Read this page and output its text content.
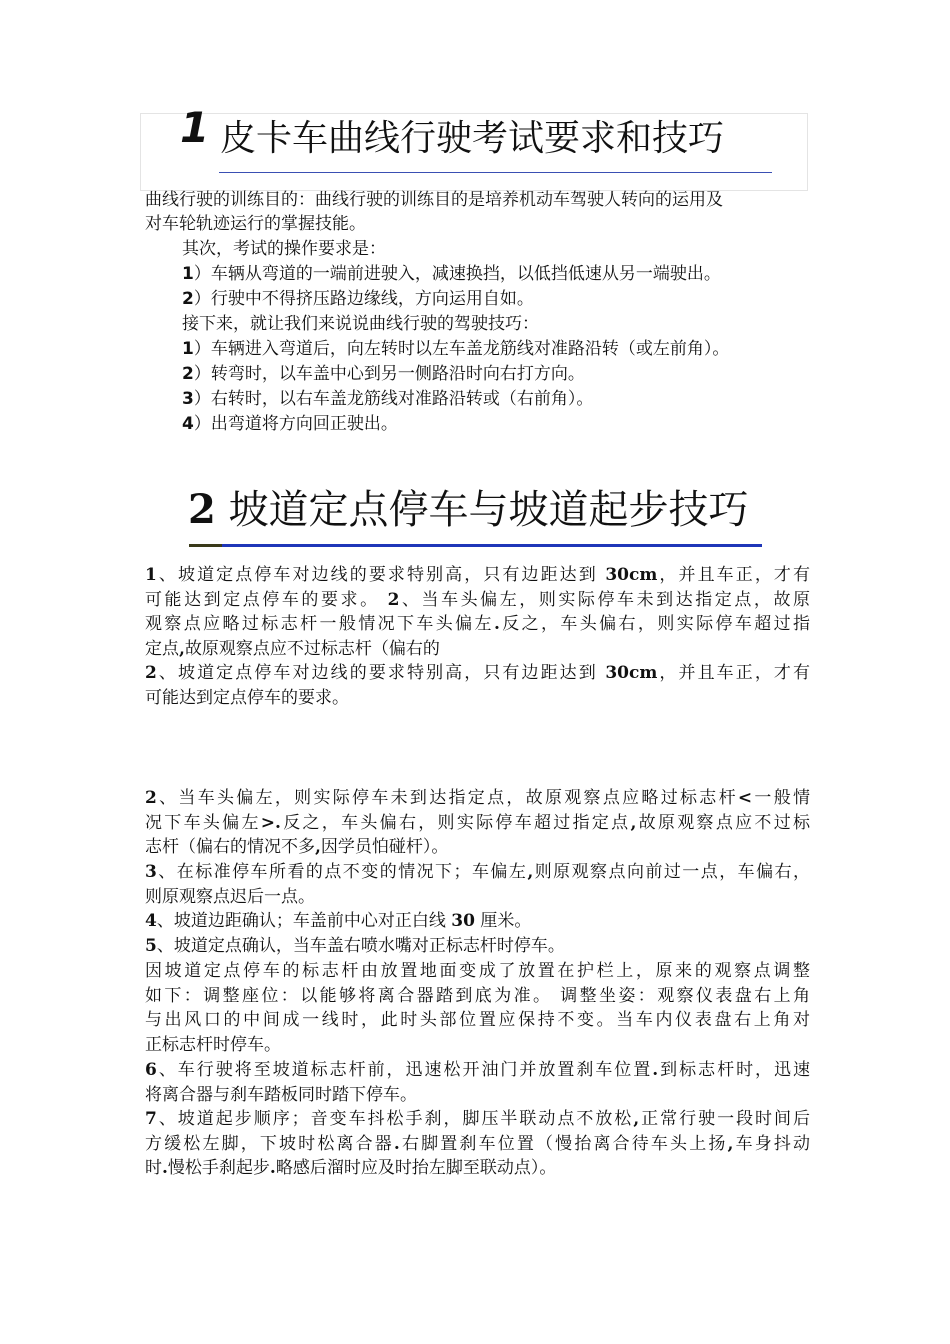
1 皮卡车曲线行驶考试要求和技巧
曲线行驶的训练目的：曲线行驶的训练目的是培养机动车驾驶人转向的运用及
对车轮轨迹运行的掌握技能。
其次，考试的操作要求是：
1）车辆从弯道的一端前进驶入，减速换挡，以低挡低速从另一端驶出。
2）行驶中不得挤压路边缘线，方向运用自如。
接下来，就让我们来说说曲线行驶的驾驶技巧：
1）车辆进入弯道后，向左转时以左车盖龙筋线对准路沿转（或左前角）。
2）转弯时，以车盖中心到另一侧路沿时向右打方向。
3）右转时，以右车盖龙筋线对准路沿转或（右前角）。
4）出弯道将方向回正驶出。
2 坡道定点停车与坡道起步技巧
1、坡道定点停车对边线的要求特别高，只有边距达到 30cm，并且车正，才有
可能达到定点停车的要求。 2、当车头偏左，则实际停车未到达指定点，故原
观察点应略过标志杆一般情况下车头偏左.反之，车头偏右，则实际停车超过指
定点,故原观察点应不过标志杆（偏右的
2、坡道定点停车对边线的要求特别高，只有边距达到 30cm，并且车正，才有
可能达到定点停车的要求。
2、当车头偏左，则实际停车未到达指定点，故原观察点应略过标志杆<一般情
况下车头偏左>.反之，车头偏右，则实际停车超过指定点,故原观察点应不过标
志杆（偏右的情况不多,因学员怕碰杆）。
3、在标准停车所看的点不变的情况下；车偏左,则原观察点向前过一点，车偏右，
则原观察点迟后一点。
4、坡道边距确认；车盖前中心对正白线 30 厘米。
5、坡道定点确认，当车盖右喷水嘴对正标志杆时停车。
因坡道定点停车的标志杆由放置地面变成了放置在护栏上，原来的观察点调整
如下：调整座位：以能够将离合器踏到底为准。 调整坐姿：观察仪表盘右上角
与出风口的中间成一线时，此时头部位置应保持不变。当车内仪表盘右上角对
正标志杆时停车。
6、车行驶将至坡道标志杆前，迅速松开油门并放置刹车位置.到标志杆时，迅速
将离合器与刹车踏板同时踏下停车。
7、坡道起步顺序；音变车抖松手刹，脚压半联动点不放松,正常行驶一段时间后
方缓松左脚，下坡时松离合器.右脚置刹车位置（慢抬离合待车头上扬,车身抖动
时.慢松手刹起步.略感后溜时应及时抬左脚至联动点）。
